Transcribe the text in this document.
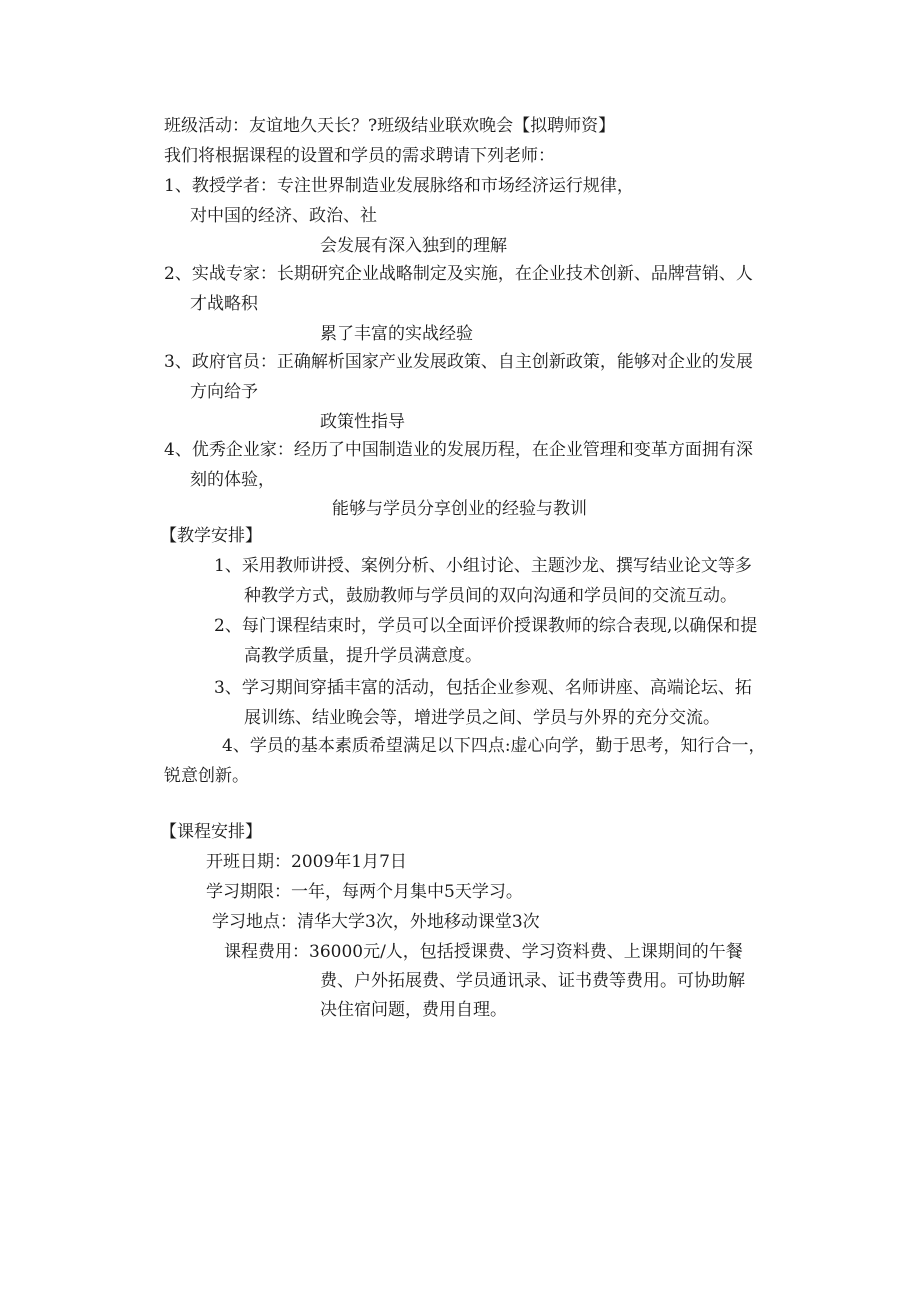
班级活动：友谊地久天长？?班级结业联欢晚会【拟聘师资】
我们将根据课程的设置和学员的需求聘请下列老师：
1、教授学者：专注世界制造业发展脉络和市场经济运行规律，
对中国的经济、政治、社
会发展有深入独到的理解
2、实战专家：长期研究企业战略制定及实施，在企业技术创新、品牌营销、人
才战略积
累了丰富的实战经验
3、政府官员：正确解析国家产业发展政策、自主创新政策，能够对企业的发展
方向给予
政策性指导
4、优秀企业家：经历了中国制造业的发展历程，在企业管理和变革方面拥有深
刻的体验，
能够与学员分享创业的经验与教训
【教学安排】
1、采用教师讲授、案例分析、小组讨论、主题沙龙、撰写结业论文等多
种教学方式，鼓励教师与学员间的双向沟通和学员间的交流互动。
2、每门课程结束时，学员可以全面评价授课教师的综合表现,以确保和提
高教学质量，提升学员满意度。
3、学习期间穿插丰富的活动，包括企业参观、名师讲座、高端论坛、拓
展训练、结业晚会等，增进学员之间、学员与外界的充分交流。
4、学员的基本素质希望满足以下四点:虚心向学，勤于思考，知行合一，
锐意创新。
【课程安排】
开班日期：2009年1月7日
学习期限：一年，每两个月集中5天学习。
学习地点：清华大学3次，外地移动课堂3次
课程费用：36000元/人，包括授课费、学习资料费、上课期间的午餐
费、户外拓展费、学员通讯录、证书费等费用。可协助解
决住宿问题，费用自理。
